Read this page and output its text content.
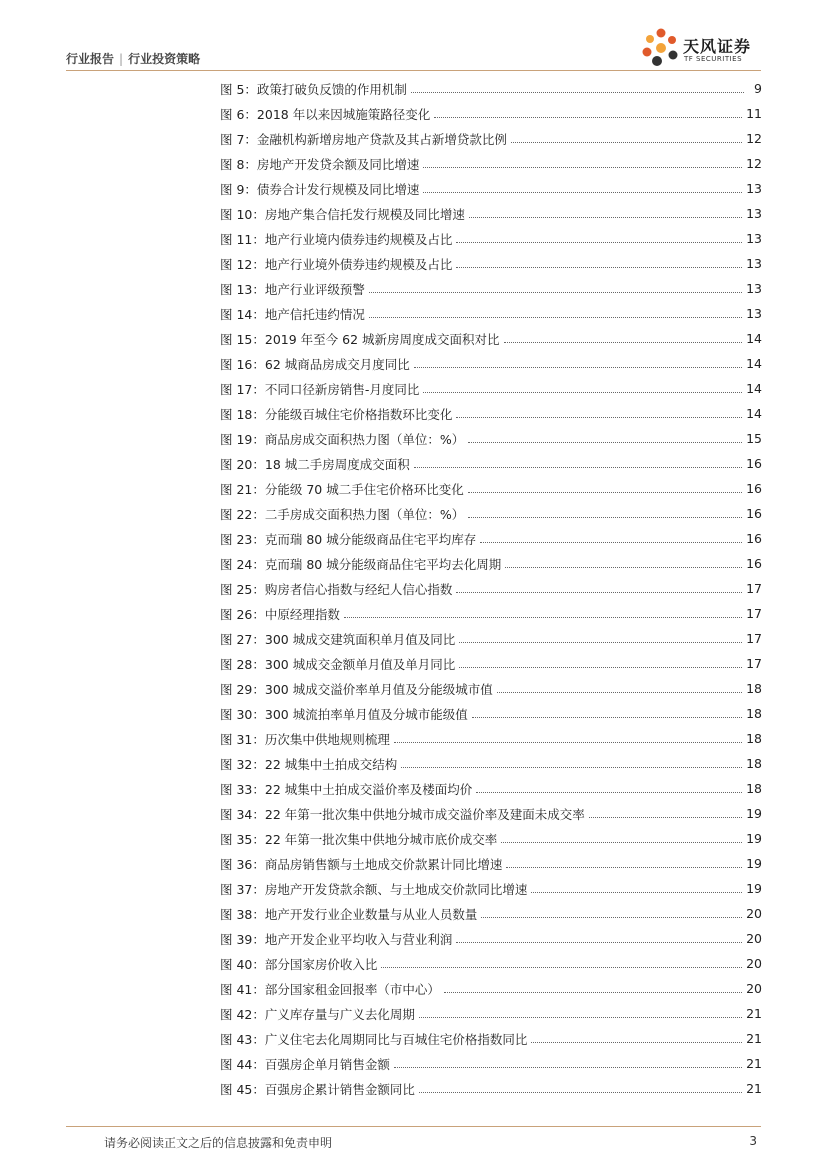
行业报告 | 行业投资策略
天风证券
TF SECURITIES
图 5：政策打破负反馈的作用机制	9
图 6：2018 年以来因城施策路径变化	11
图 7：金融机构新增房地产贷款及其占新增贷款比例	12
图 8：房地产开发贷余额及同比增速	12
图 9：债券合计发行规模及同比增速	13
图 10：房地产集合信托发行规模及同比增速	13
图 11：地产行业境内债券违约规模及占比	13
图 12：地产行业境外债券违约规模及占比	13
图 13：地产行业评级预警	13
图 14：地产信托违约情况	13
图 15：2019 年至今 62 城新房周度成交面积对比	14
图 16：62 城商品房成交月度同比	14
图 17：不同口径新房销售-月度同比	14
图 18：分能级百城住宅价格指数环比变化	14
图 19：商品房成交面积热力图（单位：%）	15
图 20：18 城二手房周度成交面积	16
图 21：分能级 70 城二手住宅价格环比变化	16
图 22：二手房成交面积热力图（单位：%）	16
图 23：克而瑞 80 城分能级商品住宅平均库存	16
图 24：克而瑞 80 城分能级商品住宅平均去化周期	16
图 25：购房者信心指数与经纪人信心指数	17
图 26：中原经理指数	17
图 27：300 城成交建筑面积单月值及同比	17
图 28：300 城成交金额单月值及单月同比	17
图 29：300 城成交溢价率单月值及分能级城市值	18
图 30：300 城流拍率单月值及分城市能级值	18
图 31：历次集中供地规则梳理	18
图 32：22 城集中土拍成交结构	18
图 33：22 城集中土拍成交溢价率及楼面均价	18
图 34：22 年第一批次集中供地分城市成交溢价率及建面未成交率	19
图 35：22 年第一批次集中供地分城市底价成交率	19
图 36：商品房销售额与土地成交价款累计同比增速	19
图 37：房地产开发贷款余额、与土地成交价款同比增速	19
图 38：地产开发行业企业数量与从业人员数量	20
图 39：地产开发企业平均收入与营业利润	20
图 40：部分国家房价收入比	20
图 41：部分国家租金回报率（市中心）	20
图 42：广义库存量与广义去化周期	21
图 43：广义住宅去化周期同比与百城住宅价格指数同比	21
图 44：百强房企单月销售金额	21
图 45：百强房企累计销售金额同比	21
请务必阅读正文之后的信息披露和免责申明	3
